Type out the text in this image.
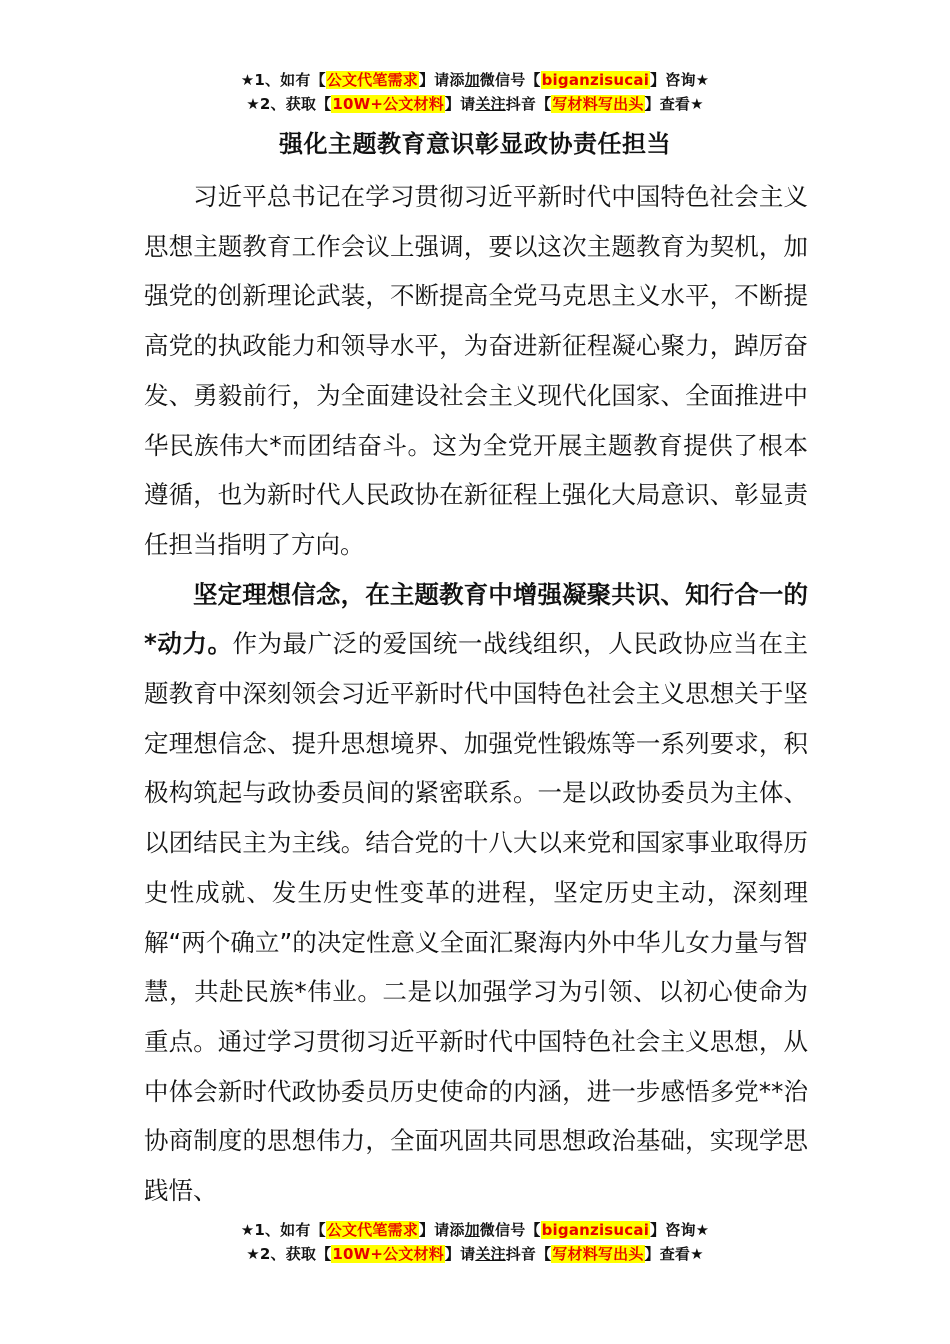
★1、如有【公文代笔需求】请添加微信号【biganzisucai】咨询★
★2、获取【10W+公文材料】请关注抖音【写材料写出头】查看★
强化主题教育意识彰显政协责任担当

习近平总书记在学习贯彻习近平新时代中国特色社会主义思想主题教育工作会议上强调，要以这次主题教育为契机，加强党的创新理论武装，不断提高全党马克思主义水平，不断提高党的执政能力和领导水平，为奋进新征程凝心聚力，踔厉奋发、勇毅前行，为全面建设社会主义现代化国家、全面推进中华民族伟大*而团结奋斗。这为全党开展主题教育提供了根本遵循，也为新时代人民政协在新征程上强化大局意识、彰显责任担当指明了方向。

坚定理想信念，在主题教育中增强凝聚共识、知行合一的*动力。作为最广泛的爱国统一战线组织，人民政协应当在主题教育中深刻领会习近平新时代中国特色社会主义思想关于坚定理想信念、提升思想境界、加强党性锻炼等一系列要求，积极构筑起与政协委员间的紧密联系。一是以政协委员为主体、以团结民主为主线。结合党的十八大以来党和国家事业取得历史性成就、发生历史性变革的进程，坚定历史主动，深刻理解“两个确立”的决定性意义全面汇聚海内外中华儿女力量与智慧，共赴民族*伟业。二是以加强学习为引领、以初心使命为重点。通过学习贯彻习近平新时代中国特色社会主义思想，从中体会新时代政协委员历史使命的内涵，进一步感悟多党**治协商制度的思想伟力，全面巩固共同思想政治基础，实现学思践悟、

★1、如有【公文代笔需求】请添加微信号【biganzisucai】咨询★
★2、获取【10W+公文材料】请关注抖音【写材料写出头】查看★
